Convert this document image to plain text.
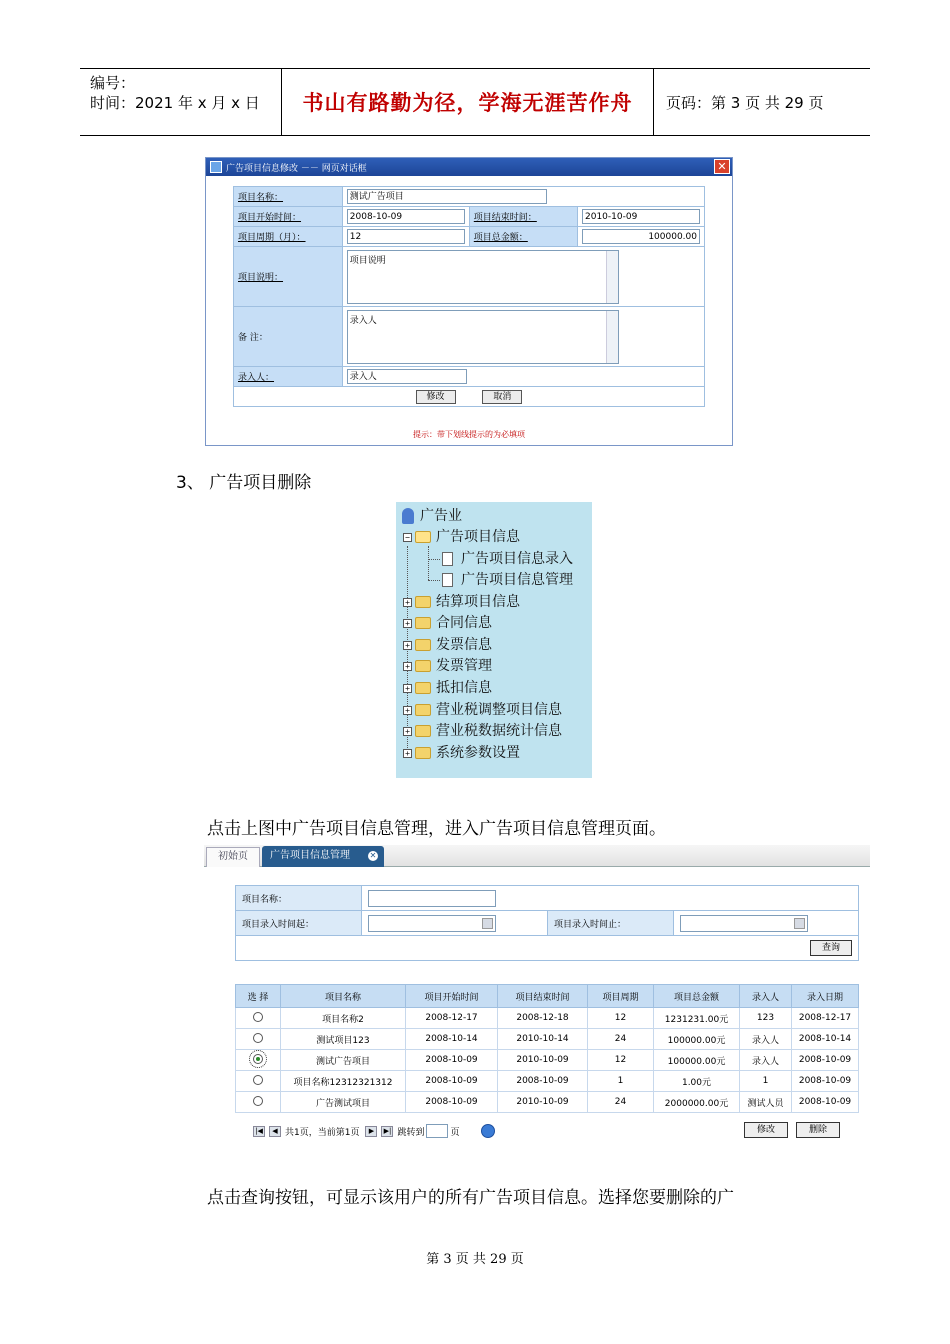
编号：
时间：2021 年 x 月 x 日	书山有路勤为径，学海无涯苦作舟	页码：第 3 页 共 29 页
广告项目信息修改 －－ 网页对话框	✕
项目名称：	测试广告项目		

项目开始时间：	2008-10-09	项目结束时间：	2010-10-09

项目周期（月）：	12	项目总金额：	100000.00

项目说明：	项目说明		

备 注：	录入人		

录入人：	录入人		

修改 取消			
提示：带下划线提示的为必填项
3、 广告项目删除
广告业
− 广告项目信息
广告项目信息录入
广告项目信息管理
+ 结算项目信息
+ 合同信息
+ 发票信息
+ 发票管理
+ 抵扣信息
+ 营业税调整项目信息
+ 营业税数据统计信息
+ 系统参数设置
点击上图中广告项目信息管理，进入广告项目信息管理页面。
初始页	广告项目信息管理 ✕
项目名称：			

项目录入时间起：		项目录入时间止：	

查询			
选 择	项目名称	项目开始时间	项目结束时间	项目周期	项目总金额	录入人	录入日期
	项目名称2	2008-12-17	2008-12-18	12	1231231.00元	123	2008-12-17
	测试项目123	2008-10-14	2010-10-14	24	100000.00元	录入人	2008-10-14
	测试广告项目	2008-10-09	2010-10-09	12	100000.00元	录入人	2008-10-09
	项目名称12312321312	2008-10-09	2008-10-09	1	1.00元	1	2008-10-09
	广告测试项目	2008-10-09	2010-10-09	24	2000000.00元	测试人员	2008-10-09
|◀	◀ 共1页，当前第1页	▶	▶| 跳转到	页	修改	删除
点击查询按钮，可显示该用户的所有广告项目信息。选择您要删除的广
第 3 页 共 29 页
